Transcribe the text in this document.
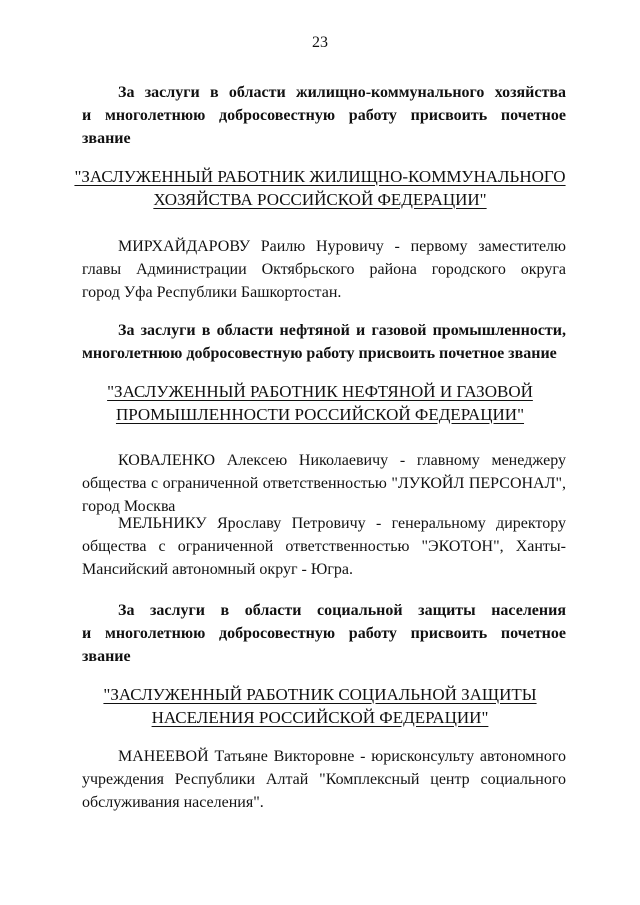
23
За заслуги в области жилищно-коммунального хозяйства
и многолетнюю добросовестную работу присвоить почетное
звание
"ЗАСЛУЖЕННЫЙ РАБОТНИК ЖИЛИЩНО-КОММУНАЛЬНОГО
ХОЗЯЙСТВА РОССИЙСКОЙ ФЕДЕРАЦИИ"
МИРХАЙДАРОВУ Раилю Нуровичу - первому заместителю
главы Администрации Октябрьского района городского округа
город Уфа Республики Башкортостан.
За заслуги в области нефтяной и газовой промышленности,
многолетнюю добросовестную работу присвоить почетное звание
"ЗАСЛУЖЕННЫЙ РАБОТНИК НЕФТЯНОЙ И ГАЗОВОЙ
ПРОМЫШЛЕННОСТИ РОССИЙСКОЙ ФЕДЕРАЦИИ"
КОВАЛЕНКО Алексею Николаевичу - главному менеджеру
общества с ограниченной ответственностью "ЛУКОЙЛ ПЕРСОНАЛ",
город Москва
МЕЛЬНИКУ Ярославу Петровичу - генеральному директору
общества с ограниченной ответственностью "ЭКОТОН", Ханты-
Мансийский автономный округ - Югра.
За заслуги в области социальной защиты населения
и многолетнюю добросовестную работу присвоить почетное
звание
"ЗАСЛУЖЕННЫЙ РАБОТНИК СОЦИАЛЬНОЙ ЗАЩИТЫ
НАСЕЛЕНИЯ РОССИЙСКОЙ ФЕДЕРАЦИИ"
МАНЕЕВОЙ Татьяне Викторовне - юрисконсульту автономного
учреждения Республики Алтай "Комплексный центр социального
обслуживания населения".
